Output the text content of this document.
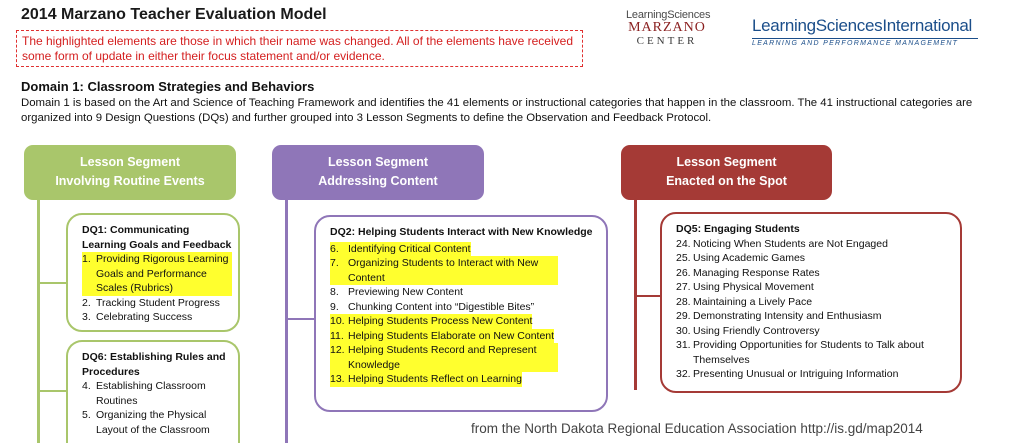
2014 Marzano Teacher Evaluation Model
The highlighted elements are those in which their name was changed. All of the elements have received some form of update in either their focus statement and/or evidence.
LearningSciences
MARZANO
CENTER
LearningSciencesInternational
LEARNING AND PERFORMANCE MANAGEMENT
Domain 1: Classroom Strategies and Behaviors
Domain 1 is based on the Art and Science of Teaching Framework and identifies the 41 elements or instructional categories that happen in the classroom. The 41 instructional categories are organized into 9 Design Questions (DQs) and further grouped into 3 Lesson Segments to define the Observation and Feedback Protocol.
Lesson Segment
Involving Routine Events
Lesson Segment
Addressing Content
Lesson Segment
Enacted on the Spot
DQ1: Communicating Learning Goals and Feedback
1. Providing Rigorous Learning Goals and Performance Scales (Rubrics)
2. Tracking Student Progress
3. Celebrating Success
DQ6: Establishing Rules and Procedures
4. Establishing Classroom Routines
5. Organizing the Physical Layout of the Classroom
DQ2: Helping Students Interact with New Knowledge
6. Identifying Critical Content
7. Organizing Students to Interact with New Content
8. Previewing New Content
9. Chunking Content into “Digestible Bites”
10. Helping Students Process New Content
11. Helping Students Elaborate on New Content
12. Helping Students Record and Represent Knowledge
13. Helping Students Reflect on Learning
DQ5: Engaging Students
24. Noticing When Students are Not Engaged
25. Using Academic Games
26. Managing Response Rates
27. Using Physical Movement
28. Maintaining a Lively Pace
29. Demonstrating Intensity and Enthusiasm
30. Using Friendly Controversy
31. Providing Opportunities for Students to Talk about Themselves
32. Presenting Unusual or Intriguing Information
from the North Dakota Regional Education Association http://is.gd/map2014
